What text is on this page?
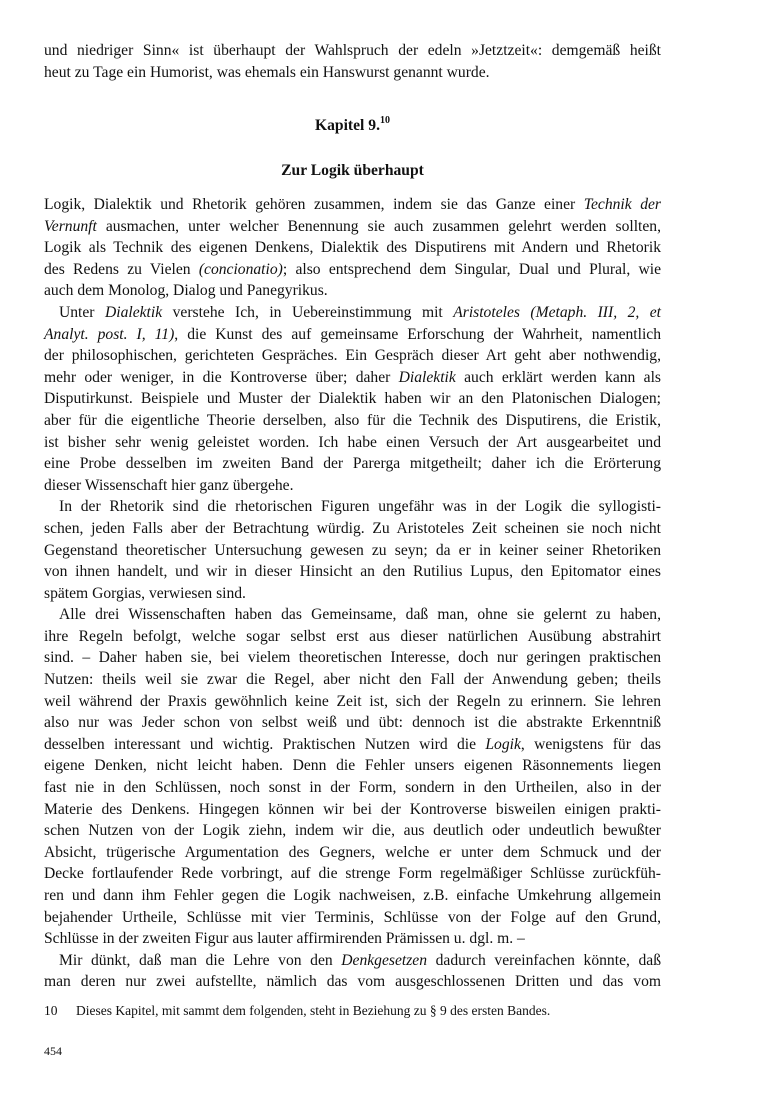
und niedriger Sinn« ist überhaupt der Wahlspruch der edeln »Jetztzeit«: demgemäß heißt
heut zu Tage ein Humorist, was ehemals ein Hanswurst genannt wurde.
Kapitel 9.10
Zur Logik überhaupt
Logik, Dialektik und Rhetorik gehören zusammen, indem sie das Ganze einer Technik der
Vernunft ausmachen, unter welcher Benennung sie auch zusammen gelehrt werden sollten,
Logik als Technik des eigenen Denkens, Dialektik des Disputirens mit Andern und Rhetorik
des Redens zu Vielen (concionatio); also entsprechend dem Singular, Dual und Plural, wie
auch dem Monolog, Dialog und Panegyrikus.
Unter Dialektik verstehe Ich, in Uebereinstimmung mit Aristoteles (Metaph. III, 2, et
Analyt. post. I, 11), die Kunst des auf gemeinsame Erforschung der Wahrheit, namentlich
der philosophischen, gerichteten Gespräches. Ein Gespräch dieser Art geht aber nothwendig,
mehr oder weniger, in die Kontroverse über; daher Dialektik auch erklärt werden kann als
Disputirkunst. Beispiele und Muster der Dialektik haben wir an den Platonischen Dialogen;
aber für die eigentliche Theorie derselben, also für die Technik des Disputirens, die Eristik,
ist bisher sehr wenig geleistet worden. Ich habe einen Versuch der Art ausgearbeitet und
eine Probe desselben im zweiten Band der Parerga mitgetheilt; daher ich die Erörterung
dieser Wissenschaft hier ganz übergehe.
In der Rhetorik sind die rhetorischen Figuren ungefähr was in der Logik die syllogisti-
schen, jeden Falls aber der Betrachtung würdig. Zu Aristoteles Zeit scheinen sie noch nicht
Gegenstand theoretischer Untersuchung gewesen zu seyn; da er in keiner seiner Rhetoriken
von ihnen handelt, und wir in dieser Hinsicht an den Rutilius Lupus, den Epitomator eines
spätem Gorgias, verwiesen sind.
Alle drei Wissenschaften haben das Gemeinsame, daß man, ohne sie gelernt zu haben,
ihre Regeln befolgt, welche sogar selbst erst aus dieser natürlichen Ausübung abstrahirt
sind. – Daher haben sie, bei vielem theoretischen Interesse, doch nur geringen praktischen
Nutzen: theils weil sie zwar die Regel, aber nicht den Fall der Anwendung geben; theils
weil während der Praxis gewöhnlich keine Zeit ist, sich der Regeln zu erinnern. Sie lehren
also nur was Jeder schon von selbst weiß und übt: dennoch ist die abstrakte Erkenntniß
desselben interessant und wichtig. Praktischen Nutzen wird die Logik, wenigstens für das
eigene Denken, nicht leicht haben. Denn die Fehler unsers eigenen Räsonnements liegen
fast nie in den Schlüssen, noch sonst in der Form, sondern in den Urtheilen, also in der
Materie des Denkens. Hingegen können wir bei der Kontroverse bisweilen einigen prakti-
schen Nutzen von der Logik ziehn, indem wir die, aus deutlich oder undeutlich bewußter
Absicht, trügerische Argumentation des Gegners, welche er unter dem Schmuck und der
Decke fortlaufender Rede vorbringt, auf die strenge Form regelmäßiger Schlüsse zurückfüh-
ren und dann ihm Fehler gegen die Logik nachweisen, z.B. einfache Umkehrung allgemein
bejahender Urtheile, Schlüsse mit vier Terminis, Schlüsse von der Folge auf den Grund,
Schlüsse in der zweiten Figur aus lauter affirmirenden Prämissen u. dgl. m. –
Mir dünkt, daß man die Lehre von den Denkgesetzen dadurch vereinfachen könnte, daß
man deren nur zwei aufstellte, nämlich das vom ausgeschlossenen Dritten und das vom
10 Dieses Kapitel, mit sammt dem folgenden, steht in Beziehung zu § 9 des ersten Bandes.
454
